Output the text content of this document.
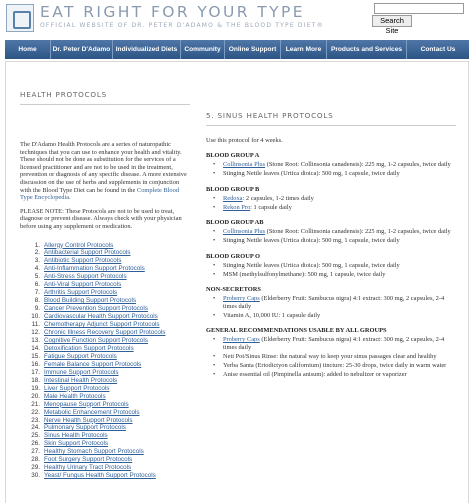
EAT RIGHT FOR YOUR TYPE
OFFICIAL WEBSITE OF DR. PETER D'ADAMO & THE BLOOD TYPE DIET®
Search Site
Home	Dr. Peter D'Adamo Individualized Diets	Community	Online Support	Learn More	Products and Services	Contact Us
HEALTH PROTOCOLS

The D'Adamo Health Protocols are a series of naturopathic techniques that you can use to enhance your health and vitality. These should not be done as substitution for the services of a licensed practitioner and are not to be used in the treatment, prevention or diagnosis of any specific disease. A more extensive discussion on the use of herbs and supplements in conjunction with the Blood Type Diet can be found in the Complete Blood Type Encyclopedia.

PLEASE NOTE: These Protocols are not to be used to treat, diagnose or prevent disease. Always check with your physician before using any supplement or medication.

1. Allergy Control Protocols
2. Antibacterial Support Protocols
3. Antibiotic Support Protocols
4. Anti-Inflammation Support Protocols
5. Anti-Stress Support Protocols
6. Anti-Viral Support Protocols
7. Arthritis Support Protocols
8. Blood Building Support Protocols
9. Cancer Prevention Support Protocols
10. Cardiovascular Health Support Protocols
11. Chemotherapy Adjunct Support Protocols
12. Chronic Illness Recovery Support Protocols
13. Cognitive Function Support Protocols
14. Detoxification Support Protocols
15. Fatigue Support Protocols
16. Female Balance Support Protocols
17. Immune Support Protocols
18. Intestinal Health Protocols
19. Liver Support Protocols
20. Male Health Protocols
21. Menopause Support Protocols
22. Metabolic Enhancement Protocols
23. Nerve Health Support Protocols
24. Pulmonary Support Protocols
25. Sinus Health Protocols
26. Skin Support Protocols
27. Healthy Stomach Support Protocols
28. Foot Surgery Support Protocols
29. Healthy Urinary Tract Protocols
30. Yeast/ Fungus Health Support Protocols
5. SINUS HEALTH PROTOCOLS
Use this protocol for 4 weeks.
BLOOD GROUP A
•	Collinsonia Plus (Stone Root: Collinsonia canadensis): 225 mg, 1-2 capsules, twice daily
•	Stinging Nettle leaves (Urtica dioica): 500 mg, 1 capsule, twice daily
BLOOD GROUP B
•	Redoxa: 2 capsules, 1-2 times daily
•	Rekon Pro: 1 capsule daily
BLOOD GROUP AB
•	Collinsonia Plus (Stone Root: Collinsonia canadensis): 225 mg, 1-2 capsules, twice daily
•	Stinging Nettle leaves (Urtica dioica): 500 mg, 1 capsule, twice daily
BLOOD GROUP O
•	Stinging Nettle leaves (Urtica dioica): 500 mg, 1 capsule, twice daily
•	MSM (methylsulfonylmethane): 500 mg, 1 capsule, twice daily
NON-SECRETORS
•	Proberry Caps (Elderberry Fruit: Sambucus nigra) 4:1 extract: 300 mg, 2 capsules, 2-4 times daily
•	Vitamin A, 10,000 IU: 1 capsule daily
GENERAL RECOMMENDATIONS USABLE BY ALL GROUPS
•	Proberry Caps (Elderberry Fruit: Sambucus nigra) 4:1 extract: 300 mg, 2 capsules, 2-4 times daily
•	Neti Pot/Sinus Rinse: the natural way to keep your sinus passages clear and healthy
•	Yerba Santa (Eriodictyon californium) tincture: 25-30 drops, twice daily in warm water
•	Anise essential oil (Pimpinella anisum): added to nebulizer or vaporizer
